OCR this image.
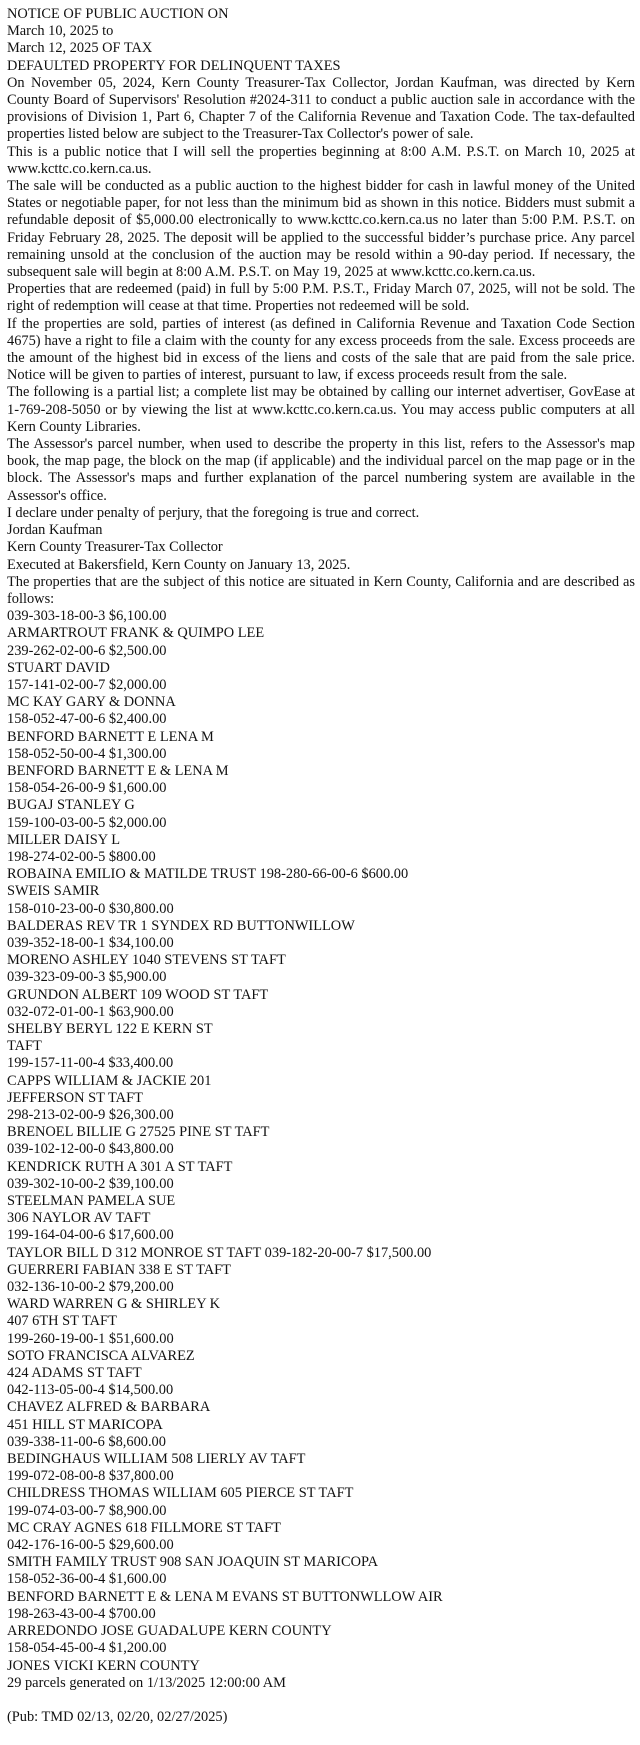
NOTICE OF PUBLIC AUCTION ON
March 10, 2025 to
March 12, 2025 OF TAX
DEFAULTED PROPERTY FOR DELINQUENT TAXES

On November 05, 2024, Kern County Treasurer-Tax Collector, Jordan Kaufman, was directed by Kern County Board of Supervisors' Resolution #2024-311 to conduct a public auction sale in accordance with the provisions of Division 1, Part 6, Chapter 7 of the California Revenue and Taxation Code. The tax-defaulted properties listed below are subject to the Treasurer-Tax Collector's power of sale.

This is a public notice that I will sell the properties beginning at 8:00 A.M. P.S.T. on March 10, 2025 at www.kcttc.co.kern.ca.us.

The sale will be conducted as a public auction to the highest bidder for cash in lawful money of the United States or negotiable paper, for not less than the minimum bid as shown in this notice. Bidders must submit a refundable deposit of $5,000.00 electronically to www.kcttc.co.kern.ca.us no later than 5:00 P.M. P.S.T. on Friday February 28, 2025. The deposit will be applied to the successful bidder’s purchase price. Any parcel remaining unsold at the conclusion of the auction may be resold within a 90-day period. If necessary, the subsequent sale will begin at 8:00 A.M. P.S.T. on May 19, 2025 at www.kcttc.co.kern.ca.us.

Properties that are redeemed (paid) in full by 5:00 P.M. P.S.T., Friday March 07, 2025, will not be sold. The right of redemption will cease at that time. Properties not redeemed will be sold.

If the properties are sold, parties of interest (as defined in California Revenue and Taxation Code Section 4675) have a right to file a claim with the county for any excess proceeds from the sale. Excess proceeds are the amount of the highest bid in excess of the liens and costs of the sale that are paid from the sale price. Notice will be given to parties of interest, pursuant to law, if excess proceeds result from the sale.

The following is a partial list; a complete list may be obtained by calling our internet advertiser, GovEase at 1-769-208-5050 or by viewing the list at www.kcttc.co.kern.ca.us. You may access public computers at all Kern County Libraries.

The Assessor's parcel number, when used to describe the property in this list, refers to the Assessor's map book, the map page, the block on the map (if applicable) and the individual parcel on the map page or in the block. The Assessor's maps and further explanation of the parcel numbering system are available in the Assessor's office.

I declare under penalty of perjury, that the foregoing is true and correct.
Jordan Kaufman
Kern County Treasurer-Tax Collector
Executed at Bakersfield, Kern County on January 13, 2025.

The properties that are the subject of this notice are situated in Kern County, California and are described as follows:

039-303-18-00-3 $6,100.00
ARMARTROUT FRANK & QUIMPO LEE
239-262-02-00-6 $2,500.00
STUART DAVID
157-141-02-00-7 $2,000.00
MC KAY GARY & DONNA
158-052-47-00-6 $2,400.00
BENFORD BARNETT E LENA M
158-052-50-00-4 $1,300.00
BENFORD BARNETT E & LENA M
158-054-26-00-9 $1,600.00
BUGAJ STANLEY G
159-100-03-00-5 $2,000.00
MILLER DAISY L
198-274-02-00-5 $800.00
ROBAINA EMILIO & MATILDE TRUST 198-280-66-00-6 $600.00
SWEIS SAMIR
158-010-23-00-0 $30,800.00
BALDERAS REV TR 1 SYNDEX RD BUTTONWILLOW
039-352-18-00-1 $34,100.00
MORENO ASHLEY 1040 STEVENS ST TAFT
039-323-09-00-3 $5,900.00
GRUNDON ALBERT 109 WOOD ST TAFT
032-072-01-00-1 $63,900.00
SHELBY BERYL 122 E KERN ST
TAFT
199-157-11-00-4 $33,400.00
CAPPS WILLIAM & JACKIE 201
JEFFERSON ST TAFT
298-213-02-00-9 $26,300.00
BRENOEL BILLIE G 27525 PINE ST TAFT
039-102-12-00-0 $43,800.00
KENDRICK RUTH A 301 A ST TAFT
039-302-10-00-2 $39,100.00
STEELMAN PAMELA SUE
306 NAYLOR AV TAFT
199-164-04-00-6 $17,600.00
TAYLOR BILL D 312 MONROE ST TAFT 039-182-20-00-7 $17,500.00
GUERRERI FABIAN 338 E ST TAFT
032-136-10-00-2 $79,200.00
WARD WARREN G & SHIRLEY K
407 6TH ST TAFT
199-260-19-00-1 $51,600.00
SOTO FRANCISCA ALVAREZ
424 ADAMS ST TAFT
042-113-05-00-4 $14,500.00
CHAVEZ ALFRED & BARBARA
451 HILL ST MARICOPA
039-338-11-00-6 $8,600.00
BEDINGHAUS WILLIAM 508 LIERLY AV TAFT
199-072-08-00-8 $37,800.00
CHILDRESS THOMAS WILLIAM 605 PIERCE ST TAFT
199-074-03-00-7 $8,900.00
MC CRAY AGNES 618 FILLMORE ST TAFT
042-176-16-00-5 $29,600.00
SMITH FAMILY TRUST 908 SAN JOAQUIN ST MARICOPA
158-052-36-00-4 $1,600.00
BENFORD BARNETT E & LENA M EVANS ST BUTTONWLLOW AIR
198-263-43-00-4 $700.00
ARREDONDO JOSE GUADALUPE KERN COUNTY
158-054-45-00-4 $1,200.00
JONES VICKI KERN COUNTY
29 parcels generated on 1/13/2025 12:00:00 AM
(Pub: TMD 02/13, 02/20, 02/27/2025)
